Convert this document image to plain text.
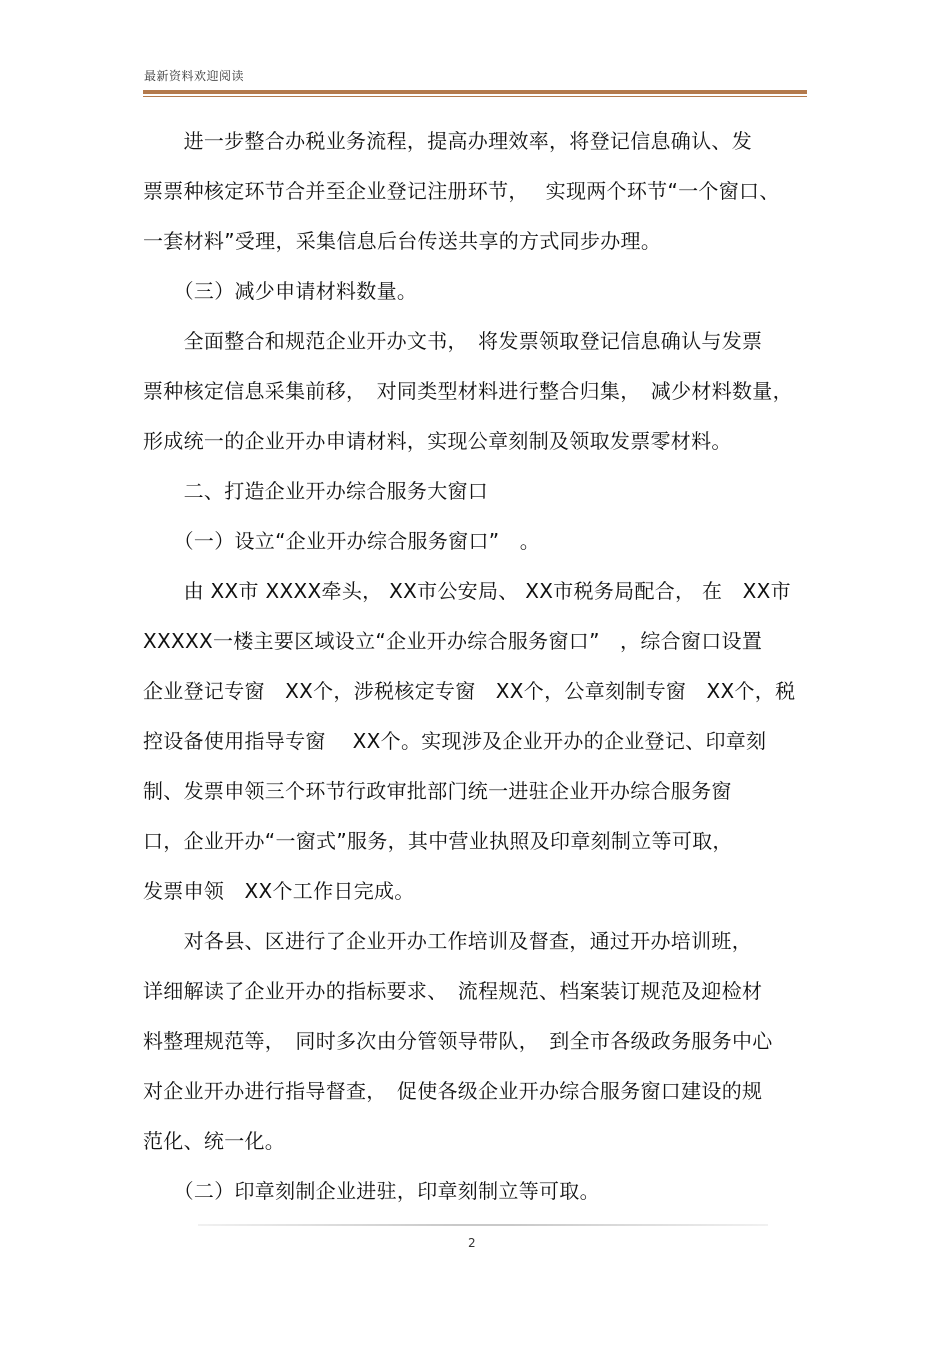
最新资料欢迎阅读
　　进一步整合办税业务流程，提高办理效率，将登记信息确认、发
票票种核定环节合并至企业登记注册环节，　 实现两个环节“一个窗口、
一套材料”受理，采集信息后台传送共享的方式同步办理。
　　（三）减少申请材料数量。
　　全面整合和规范企业开办文书，　将发票领取登记信息确认与发票
票种核定信息采集前移，　对同类型材料进行整合归集，　减少材料数量，
形成统一的企业开办申请材料，实现公章刻制及领取发票零材料。
　　二、打造企业开办综合服务大窗口
　　（一）设立“企业开办综合服务窗口”　。
　　由 XX市 XXXX牵头， XX市公安局、 XX市税务局配合， 在　XX市
XXXXX一楼主要区域设立“企业开办综合服务窗口”　，综合窗口设置
企业登记专窗　XX个，涉税核定专窗　XX个，公章刻制专窗　XX个，税
控设备使用指导专窗　 XX个。实现涉及企业开办的企业登记、印章刻
制、发票申领三个环节行政审批部门统一进驻企业开办综合服务窗
口，企业开办“一窗式”服务，其中营业执照及印章刻制立等可取，
发票申领　XX个工作日完成。
　　对各县、区进行了企业开办工作培训及督查，通过开办培训班，
详细解读了企业开办的指标要求、　流程规范、档案装订规范及迎检材
料整理规范等，　同时多次由分管领导带队，　到全市各级政务服务中心
对企业开办进行指导督查，　促使各级企业开办综合服务窗口建设的规
范化、统一化。
　　（二）印章刻制企业进驻，印章刻制立等可取。
2
